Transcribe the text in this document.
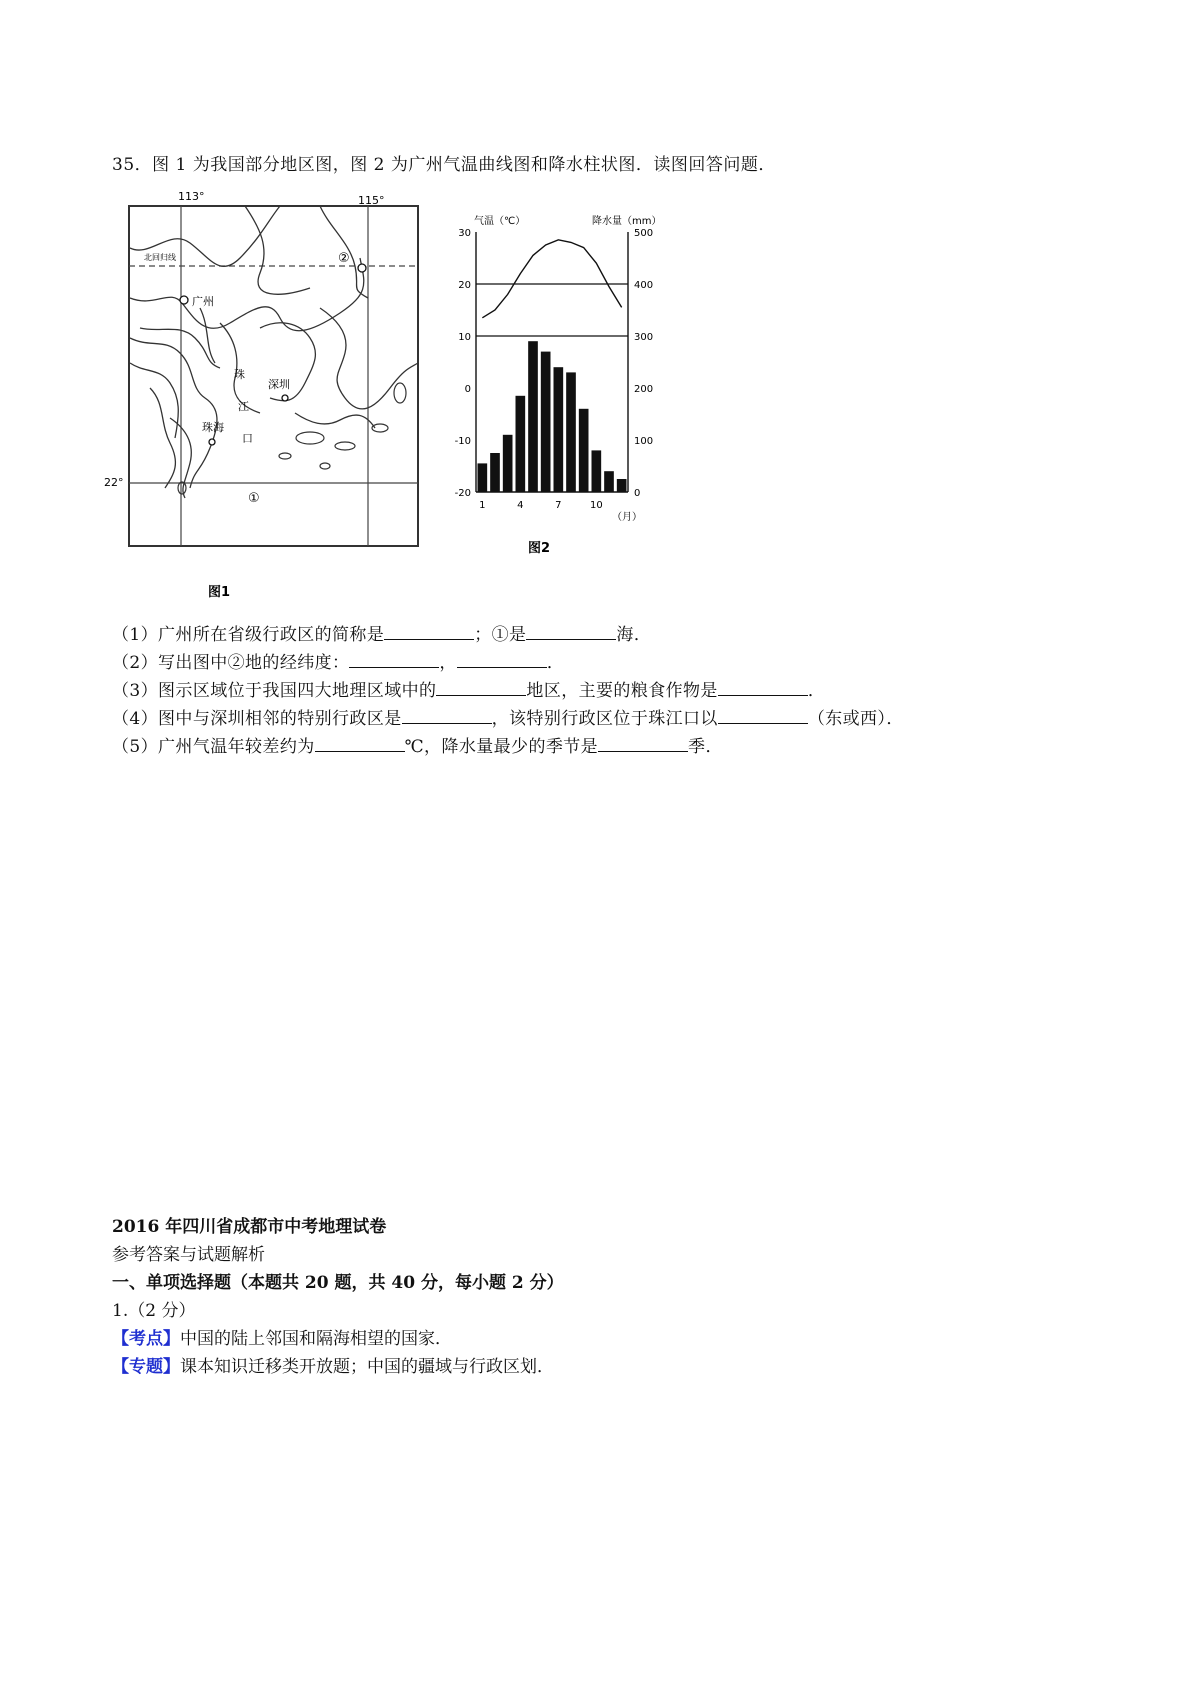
35．图 1 为我国部分地区图，图 2 为广州气温曲线图和降水柱状图．读图回答问题．
113°	115°
22°
北回归线
广州
深圳
珠海
珠
江
口
①
②
图1
气温（℃）	降水量（mm）
30
20
10
0
-10
-20
500
400
300
200
100
0
1	4	7	10
（月）
图2
（1）广州所在省级行政区的简称是	；①是	海．
（2）写出图中②地的经纬度：	，	．
（3）图示区域位于我国四大地理区域中的	地区，主要的粮食作物是	．
（4）图中与深圳相邻的特别行政区是	，该特别行政区位于珠江口以	（东或西）．
（5）广州气温年较差约为	℃，降水量最少的季节是	季．
2016 年四川省成都市中考地理试卷
参考答案与试题解析
一、单项选择题（本题共 20 题，共 40 分，每小题 2 分）
1.（2 分）
【考点】中国的陆上邻国和隔海相望的国家．
【专题】课本知识迁移类开放题；中国的疆域与行政区划．
